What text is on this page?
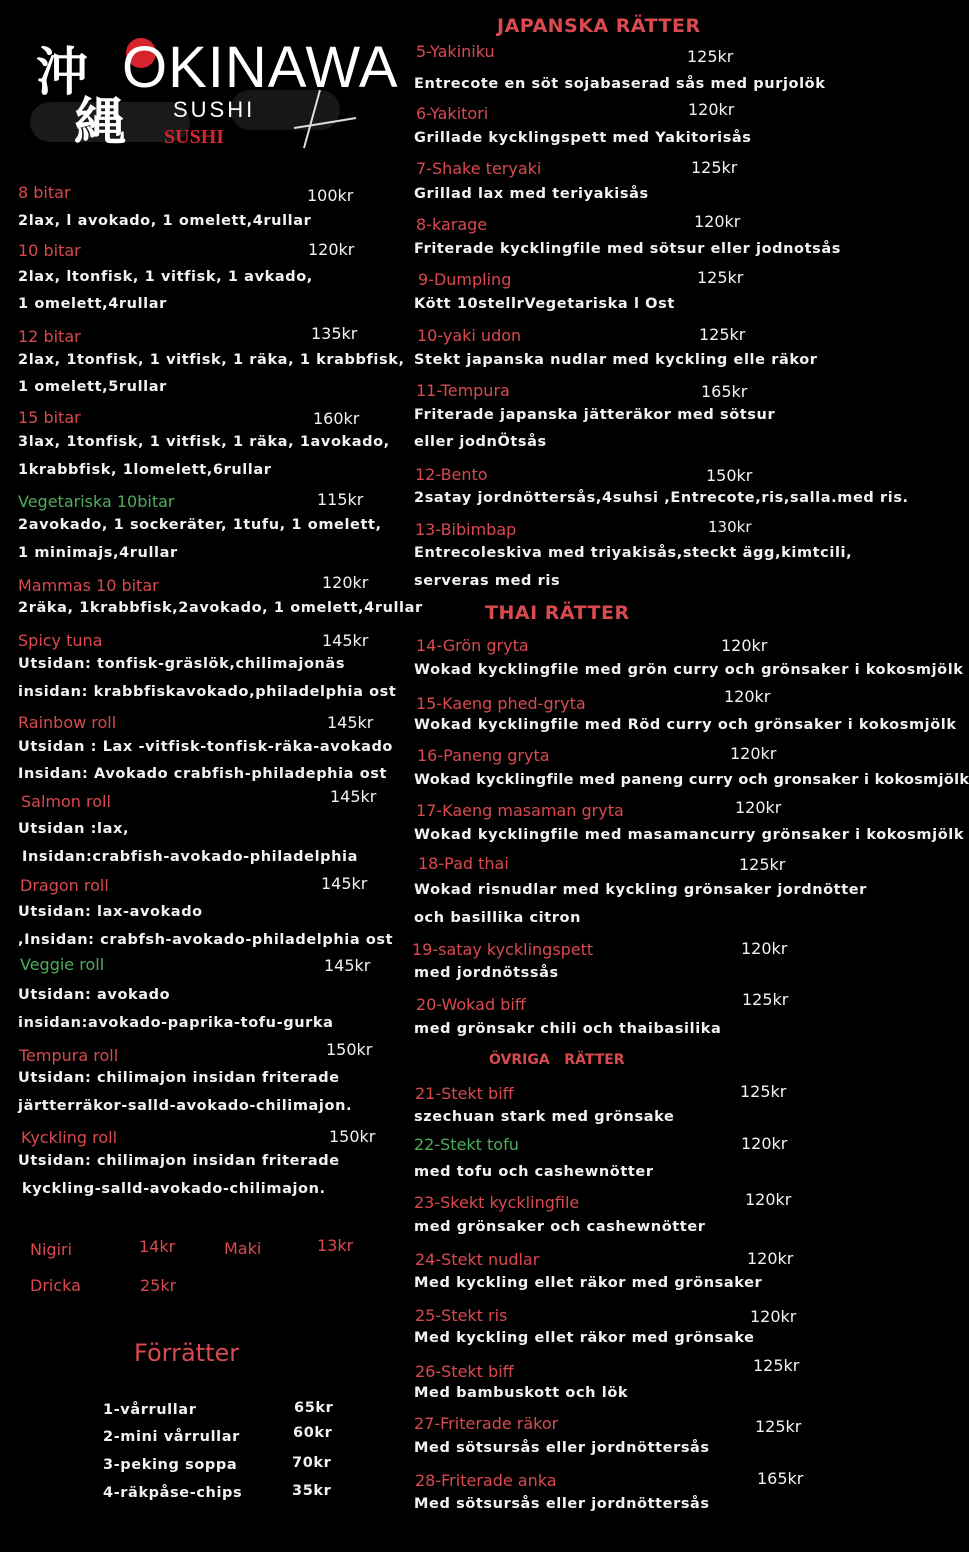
沖
縄
OKINAWA
SUSHI
SUSHI
8 bitar	100kr
2lax, l avokado, 1 omelett,4rullar
10 bitar	120kr
2lax, ltonfisk, 1 vitfisk, 1 avkado,
1 omelett,4rullar
12 bitar	135kr
2lax, 1tonfisk, 1 vitfisk, 1 räka, 1 krabbfisk,
1 omelett,5rullar
15 bitar	160kr
3lax, 1tonfisk, 1 vitfisk, 1 räka, 1avokado,
1krabbfisk, 1lomelett,6rullar
Vegetariska 10bitar	115kr
2avokado, 1 sockeräter, 1tufu, 1 omelett,
1 minimajs,4rullar
Mammas 10 bitar	120kr
2räka, 1krabbfisk,2avokado, 1 omelett,4rullar
Spicy tuna	145kr
Utsidan: tonfisk-gräslök,chilimajonäs
insidan: krabbfiskavokado,philadelphia ost
Rainbow roll	145kr
Utsidan : Lax -vitfisk-tonfisk-räka-avokado
Insidan: Avokado crabfish-philadephia ost
Salmon roll	145kr
Utsidan :lax,
Insidan:crabfish-avokado-philadelphia
Dragon roll	145kr
Utsidan: lax-avokado
,Insidan: crabfsh-avokado-philadelphia ost
Veggie roll	145kr
Utsidan: avokado
insidan:avokado-paprika-tofu-gurka
Tempura roll	150kr
Utsidan: chilimajon insidan friterade
järtterräkor-salld-avokado-chilimajon.
Kyckling roll	150kr
Utsidan: chilimajon insidan friterade
kyckling-salld-avokado-chilimajon.
Nigiri	14kr	Maki	13kr
Dricka	25kr
Förrätter
1-vårrullar	65kr
2-mini vårrullar	60kr
3-peking soppa	70kr
4-räkpåse-chips	35kr
JAPANSKA RÄTTER
5-Yakiniku	125kr
Entrecote en söt sojabaserad sås med purjolök
6-Yakitori	120kr
Grillade kycklingspett med Yakitorisås
7-Shake teryaki	125kr
Grillad lax med teriyakisås
8-karage	120kr
Friterade kycklingfile med sötsur eller jodnotsås
9-Dumpling	125kr
Kött 10stellrVegetariska l Ost
10-yaki udon	125kr
Stekt japanska nudlar med kyckling elle räkor
11-Tempura	165kr
Friterade japanska jätteräkor med sötsur
eller jodnÖtsås
12-Bento	150kr
2satay jordnöttersås,4suhsi ,Entrecote,ris,salla.med ris.
13-Bibimbap	130kr
Entrecoleskiva med triyakisås,steckt ägg,kimtcili,
serveras med ris
THAI RÄTTER
14-Grön gryta	120kr
Wokad kycklingfile med grön curry och grönsaker i kokosmjölk
15-Kaeng phed-gryta	120kr
Wokad kycklingfile med Röd curry och grönsaker i kokosmjölk
16-Paneng gryta	120kr
Wokad kycklingfile med paneng curry och gronsaker i kokosmjölk
17-Kaeng masaman gryta	120kr
Wokad kycklingfile med masamancurry grönsaker i kokosmjölk
18-Pad thai	125kr
Wokad risnudlar med kyckling grönsaker jordnötter
och basillika citron
19-satay kycklingspett	120kr
med jordnötssås
20-Wokad biff	125kr
med grönsakr chili och thaibasilika
ÖVRIGA   RÄTTER
21-Stekt biff	125kr
szechuan stark med grönsake
22-Stekt tofu	120kr
med tofu och cashewnötter
23-Skekt kycklingfile	120kr
med grönsaker och cashewnötter
24-Stekt nudlar	120kr
Med kyckling ellet räkor med grönsaker
25-Stekt ris	120kr
Med kyckling ellet räkor med grönsake
26-Stekt biff	125kr
Med bambuskott och lök
27-Friterade räkor	125kr
Med sötsursås eller jordnöttersås
28-Friterade anka	165kr
Med sötsursås eller jordnöttersås
